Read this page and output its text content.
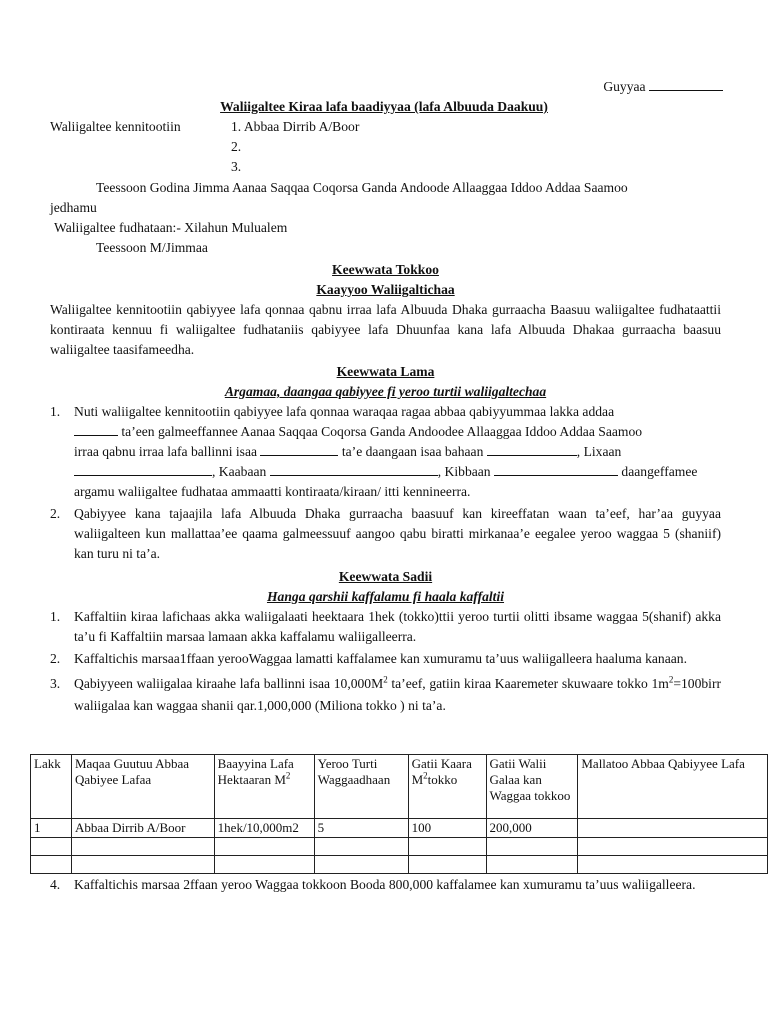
Guyyaa
Waliigaltee Kiraa lafa baadiyyaa (lafa Albuuda Daakuu)
Waliigaltee kennitootiin	1. Abbaa Dirrib A/Boor
2.
3.
Teessoon Godina Jimma Aanaa Saqqaa Coqorsa Ganda Andoode Allaaggaa Iddoo Addaa Saamoo
jedhamu
Waliigaltee fudhataan:- Xilahun Mulualem
Teessoon M/Jimmaa
Keewwata Tokkoo
Kaayyoo Waliigaltichaa
Waliigaltee kennitootiin qabiyyee lafa qonnaa qabnu irraa lafa Albuuda Dhaka gurraacha Baasuu waliigaltee fudhataattii kontiraata kennuu fi waliigaltee fudhataniis qabiyyee lafa Dhuunfaa kana lafa Albuuda Dhakaa gurraacha baasuu waliigaltee taasifameedha.
Keewwata Lama
Argamaa, daangaa qabiyyee fi yeroo turtii waliigaltechaa
1. Nuti waliigaltee kennitootiin qabiyyee lafa qonnaa waraqaa ragaa abbaa qabiyyummaa lakka addaa
ta’een galmeeffannee Aanaa Saqqaa Coqorsa Ganda Andoodee Allaaggaa Iddoo Addaa Saamoo
irraa qabnu irraa lafa ballinni isaa	ta’e daangaan isaa bahaan	, Lixaan
, Kaabaan	, Kibbaan	daangeffamee
argamu waliigaltee fudhataa ammaatti kontiraata/kiraan/ itti kennineerra.
2. Qabiyyee kana tajaajila lafa Albuuda Dhaka gurraacha baasuuf kan kireeffatan waan ta’eef, har’aa guyyaa waliigalteen kun mallattaa’ee qaama galmeessuuf aangoo qabu biratti mirkanaa’e eegalee yeroo waggaa 5 (shaniif) kan turu ni ta’a.
Keewwata Sadii
Hanga qarshii kaffalamu fi haala kaffaltii
1. Kaffaltiin kiraa lafichaas akka waliigalaati heektaara 1hek (tokko)ttii yeroo turtii olitti ibsame waggaa 5(shanif) akka ta’u fi Kaffaltiin marsaa lamaan akka kaffalamu waliigalleerra.
2. Kaffaltichis marsaa1ffaan yerooWaggaa lamatti kaffalamee kan xumuramu ta’uus waliigalleera haaluma kanaan.
3. Qabiyyeen waliigalaa kiraahe lafa ballinni isaa $10,000M^2$ ta’eef, gatiin kiraa Kaaremeter skuwaare tokko $1m^2=100birr$ waliigalaa kan waggaa shanii qar.1,000,000 (Miliona tokko ) ni ta’a.
Lakk	Maqaa Guutuu Abbaa Qabiyee Lafaa	Baayyina Lafa Hektaaran $M^2$	Yeroo Turti Waggaadhaan	Gatii Kaara $M^2tokko$	Gatii Walii Galaa kan Waggaa tokkoo	Mallatoo Abbaa Qabiyyee Lafa
1	Abbaa Dirrib A/Boor	1hek/10,000m2	5	100	200,000	

4. Kaffaltichis marsaa 2ffaan yeroo Waggaa tokkoon Booda 800,000 kaffalamee kan xumuramu ta’uus waliigalleera.
